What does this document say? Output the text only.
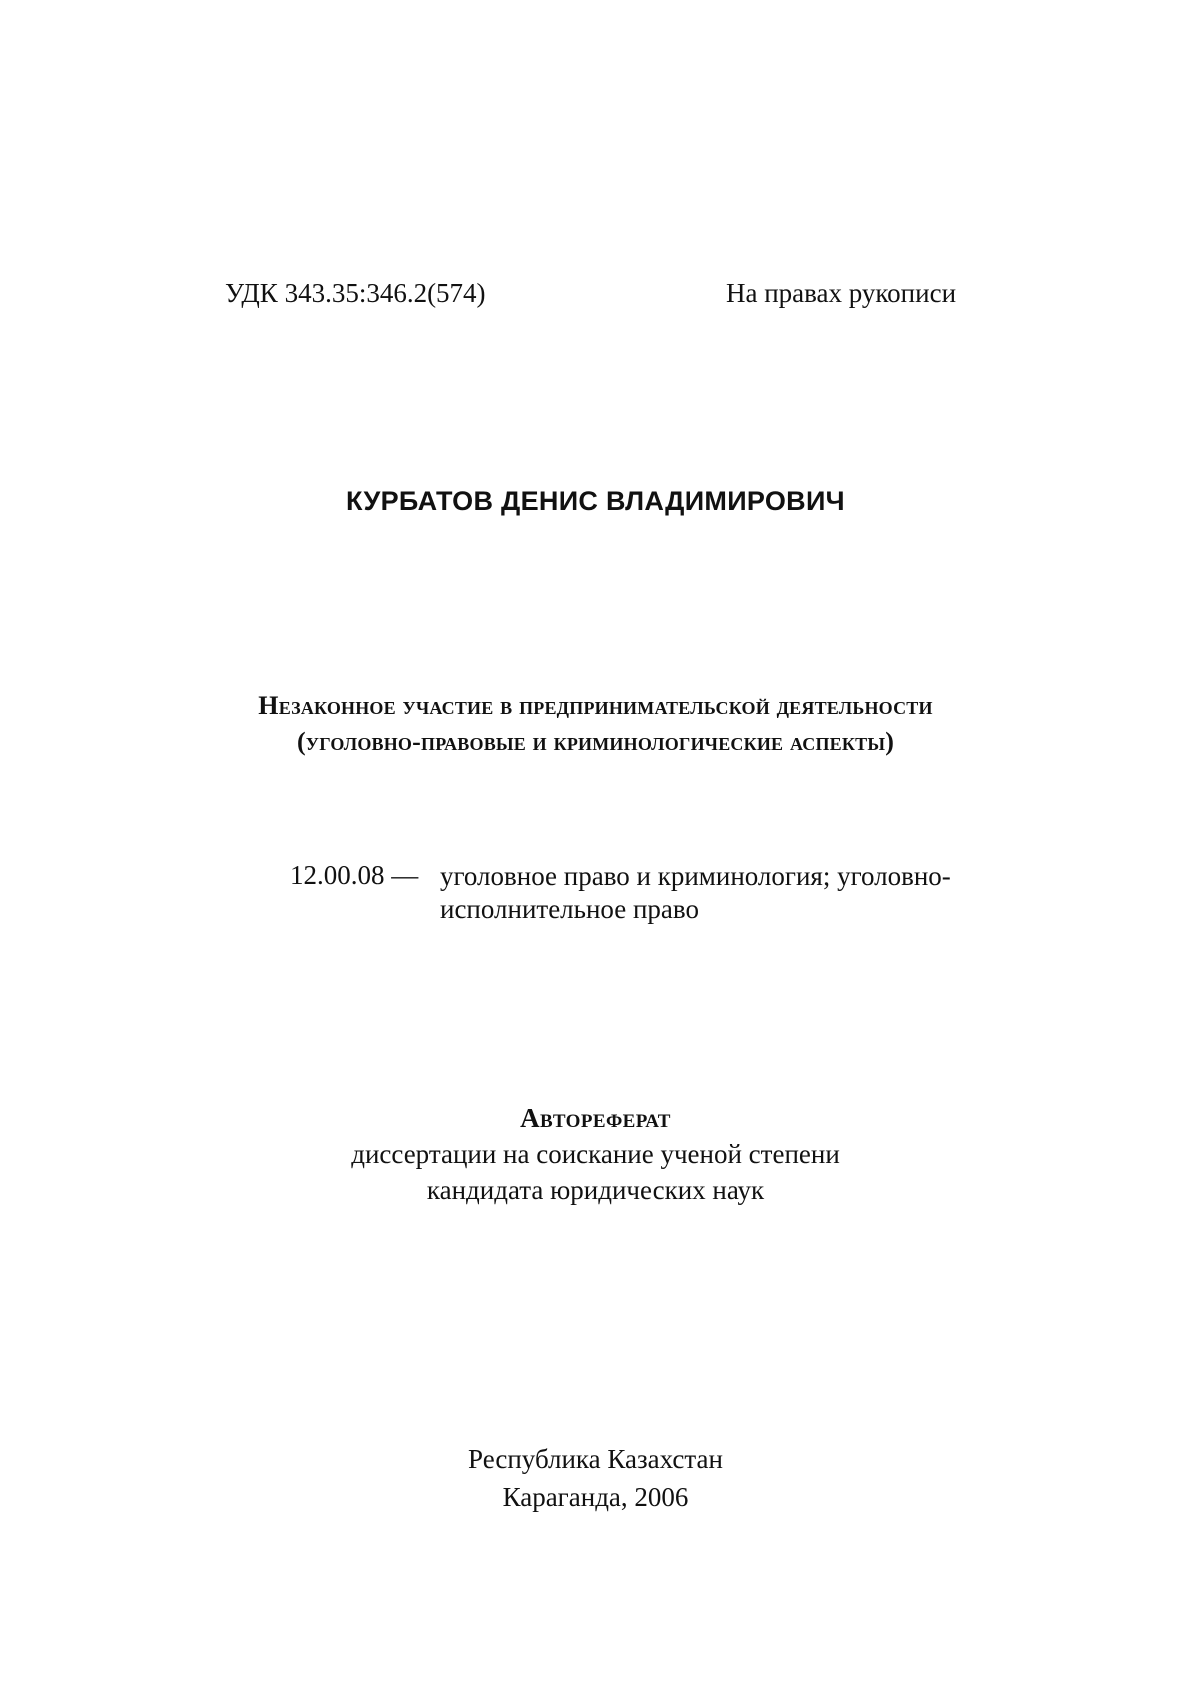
УДК 343.35:346.2(574)	На правах рукописи
КУРБАТОВ ДЕНИС ВЛАДИМИРОВИЧ
Незаконное участие в предпринимательской деятельности
(уголовно-правовые и криминологические аспекты)
12.00.08 — уголовное право и криминология; уголовно-
исполнительное право
Автореферат
диссертации на соискание ученой степени
кандидата юридических наук
Республика Казахстан
Караганда, 2006
